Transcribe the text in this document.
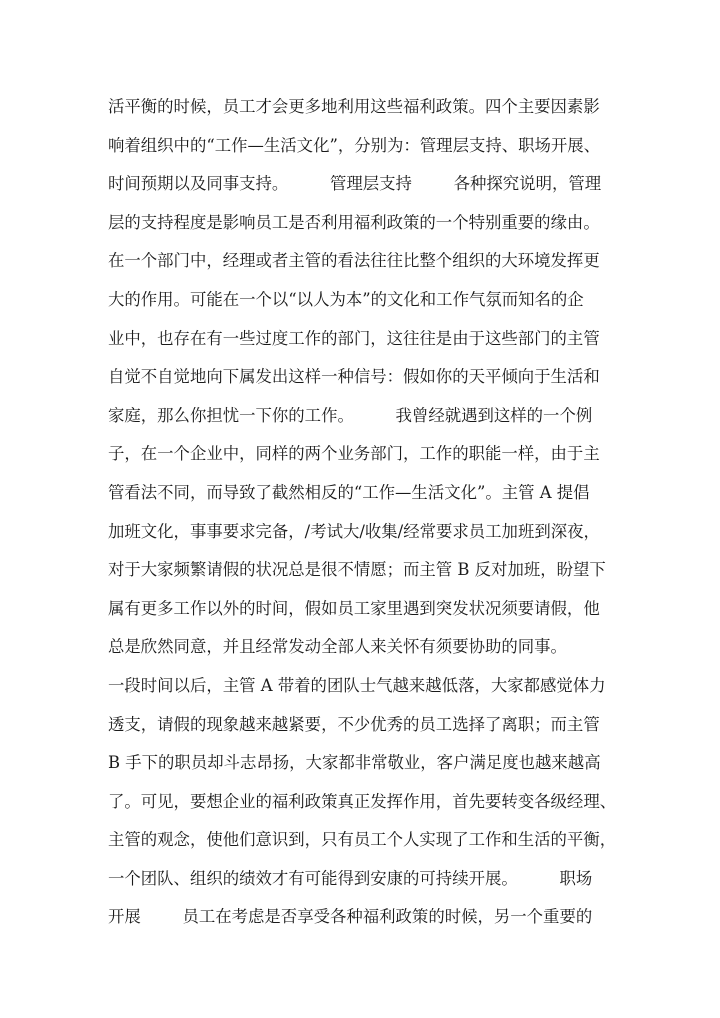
活平衡的时候，员工才会更多地利用这些福利政策。四个主要因素影
响着组织中的“工作—生活文化”，分别为：管理层支持、职场开展、
时间预期以及同事支持。        管理层支持        各种探究说明，管理
层的支持程度是影响员工是否利用福利政策的一个特别重要的缘由。
在一个部门中，经理或者主管的看法往往比整个组织的大环境发挥更
大的作用。可能在一个以“以人为本”的文化和工作气氛而知名的企
业中，也存在有一些过度工作的部门，这往往是由于这些部门的主管
自觉不自觉地向下属发出这样一种信号：假如你的天平倾向于生活和
家庭，那么你担忧一下你的工作。        我曾经就遇到这样的一个例
子，在一个企业中，同样的两个业务部门，工作的职能一样，由于主
管看法不同，而导致了截然相反的“工作—生活文化”。主管 A 提倡
加班文化，事事要求完备，/考试大/收集/经常要求员工加班到深夜，
对于大家频繁请假的状况总是很不情愿；而主管 B 反对加班，盼望下
属有更多工作以外的时间，假如员工家里遇到突发状况须要请假，他
总是欣然同意，并且经常发动全部人来关怀有须要协助的同事。
一段时间以后，主管 A 带着的团队士气越来越低落，大家都感觉体力
透支，请假的现象越来越紧要，不少优秀的员工选择了离职；而主管
B 手下的职员却斗志昂扬，大家都非常敬业，客户满足度也越来越高
了。可见，要想企业的福利政策真正发挥作用，首先要转变各级经理、
主管的观念，使他们意识到，只有员工个人实现了工作和生活的平衡，
一个团队、组织的绩效才有可能得到安康的可持续开展。        职场
开展        员工在考虑是否享受各种福利政策的时候，另一个重要的
